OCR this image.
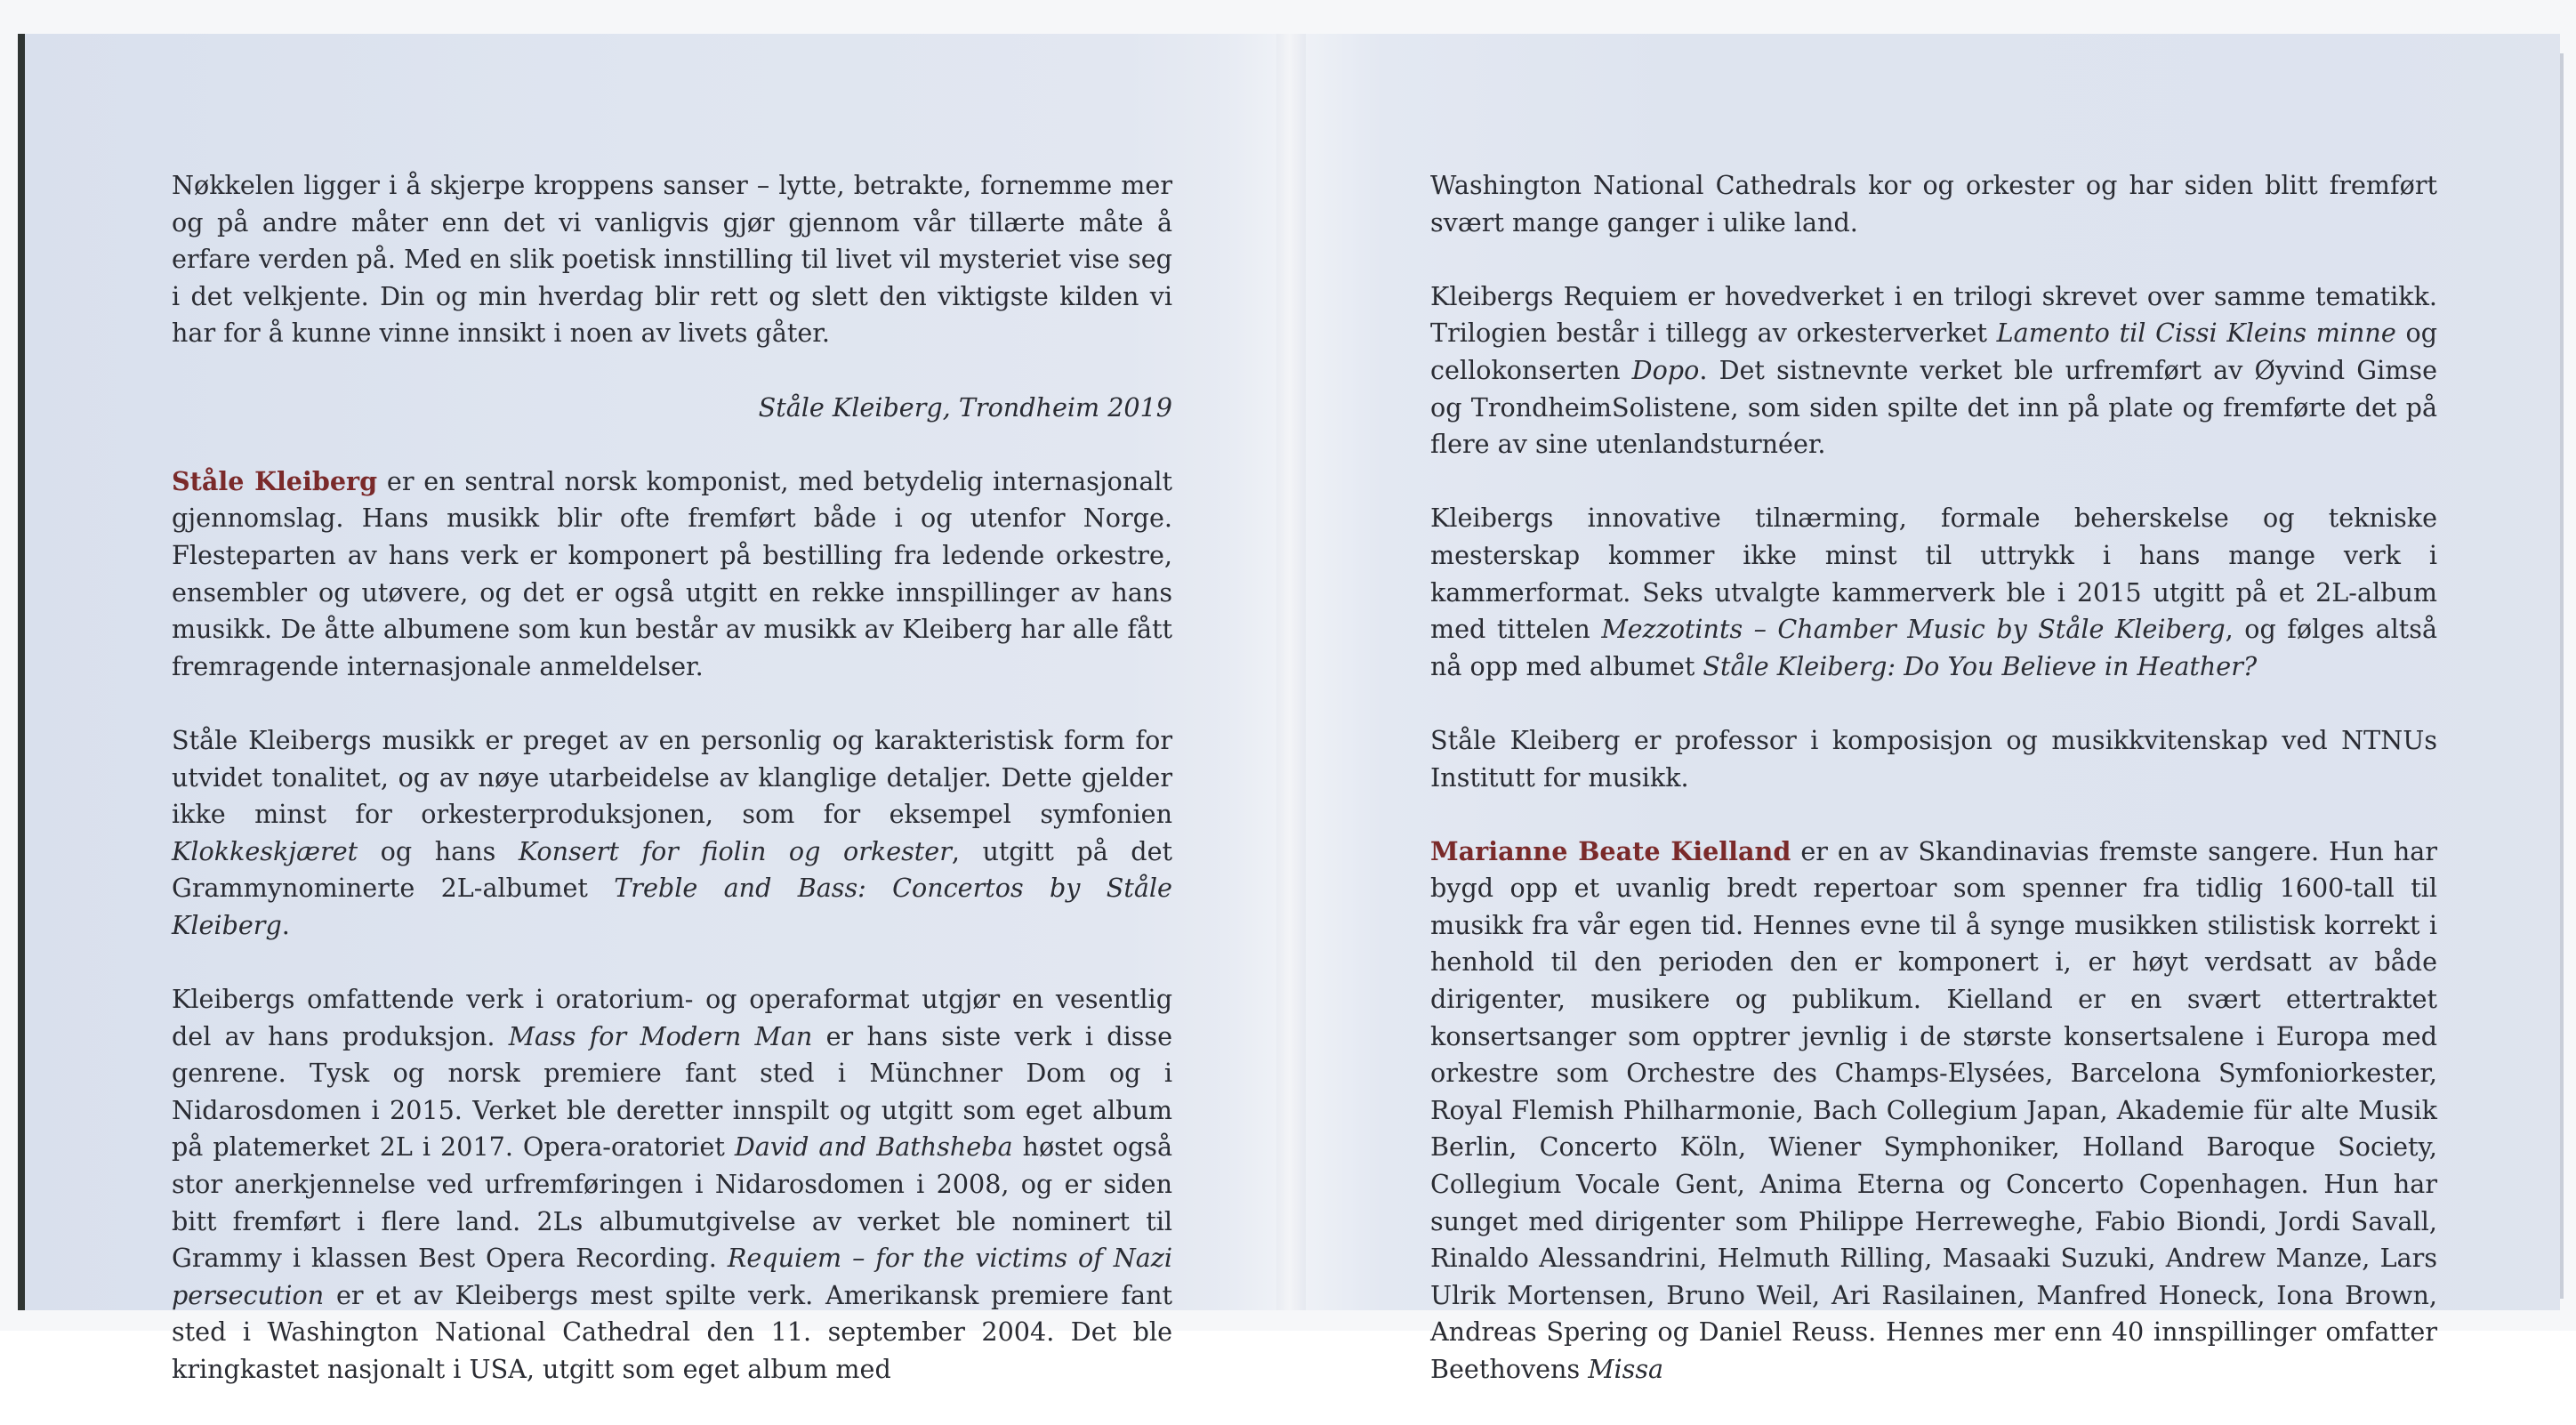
Nøkkelen ligger i å skjerpe kroppens sanser – lytte, betrakte, fornemme mer og på andre måter enn det vi vanligvis gjør gjennom vår tillærte måte å erfare verden på. Med en slik poetisk innstilling til livet vil mysteriet vise seg i det velkjente. Din og min hverdag blir rett og slett den viktigste kilden vi har for å kunne vinne innsikt i noen av livets gåter.

Ståle Kleiberg, Trondheim 2019

Ståle Kleiberg er en sentral norsk komponist, med betydelig internasjonalt gjennomslag. Hans musikk blir ofte fremført både i og utenfor Norge. Flesteparten av hans verk er komponert på bestilling fra ledende orkestre, ensembler og utøvere, og det er også utgitt en rekke innspillinger av hans musikk. De åtte albumene som kun består av musikk av Kleiberg har alle fått fremragende internasjonale anmeldelser.

Ståle Kleibergs musikk er preget av en personlig og karakteristisk form for utvidet tonalitet, og av nøye utarbeidelse av klanglige detaljer. Dette gjelder ikke minst for orkesterproduksjonen, som for eksempel symfonien Klokkeskjæret og hans Konsert for fiolin og orkester, utgitt på det Grammynominerte 2L-albumet Treble and Bass: Concertos by Ståle Kleiberg.

Kleibergs omfattende verk i oratorium- og operaformat utgjør en vesentlig del av hans produksjon. Mass for Modern Man er hans siste verk i disse genrene. Tysk og norsk premiere fant sted i Münchner Dom og i Nidarosdomen i 2015. Verket ble deretter innspilt og utgitt som eget album på platemerket 2L i 2017. Opera-oratoriet David and Bathsheba høstet også stor anerkjennelse ved urfremføringen i Nidarosdomen i 2008, og er siden bitt fremført i flere land. 2Ls albumutgivelse av verket ble nominert til Grammy i klassen Best Opera Recording. Requiem – for the victims of Nazi persecution er et av Kleibergs mest spilte verk. Amerikansk premiere fant sted i Washington National Cathedral den 11. september 2004. Det ble kringkastet nasjonalt i USA, utgitt som eget album med

Washington National Cathedrals kor og orkester og har siden blitt fremført svært mange ganger i ulike land.

Kleibergs Requiem er hovedverket i en trilogi skrevet over samme tematikk. Trilogien består i tillegg av orkesterverket Lamento til Cissi Kleins minne og cellokonserten Dopo. Det sistnevnte verket ble urfremført av Øyvind Gimse og TrondheimSolistene, som siden spilte det inn på plate og fremførte det på flere av sine utenlandsturnéer.

Kleibergs innovative tilnærming, formale beherskelse og tekniske mesterskap kommer ikke minst til uttrykk i hans mange verk i kammerformat. Seks utvalgte kammerverk ble i 2015 utgitt på et 2L-album med tittelen Mezzotints – Chamber Music by Ståle Kleiberg, og følges altså nå opp med albumet Ståle Kleiberg: Do You Believe in Heather?

Ståle Kleiberg er professor i komposisjon og musikkvitenskap ved NTNUs Institutt for musikk.

Marianne Beate Kielland er en av Skandinavias fremste sangere. Hun har bygd opp et uvanlig bredt repertoar som spenner fra tidlig 1600-tall til musikk fra vår egen tid. Hennes evne til å synge musikken stilistisk korrekt i henhold til den perioden den er komponert i, er høyt verdsatt av både dirigenter, musikere og publikum. Kielland er en svært ettertraktet konsertsanger som opptrer jevnlig i de største konsertsalene i Europa med orkestre som Orchestre des Champs-Elysées, Barcelona Symfoniorkester, Royal Flemish Philharmonie, Bach Collegium Japan, Akademie für alte Musik Berlin, Concerto Köln, Wiener Symphoniker, Holland Baroque Society, Collegium Vocale Gent, Anima Eterna og Concerto Copenhagen. Hun har sunget med dirigenter som Philippe Herreweghe, Fabio Biondi, Jordi Savall, Rinaldo Alessandrini, Helmuth Rilling, Masaaki Suzuki, Andrew Manze, Lars Ulrik Mortensen, Bruno Weil, Ari Rasilainen, Manfred Honeck, Iona Brown, Andreas Spering og Daniel Reuss. Hennes mer enn 40 innspillinger omfatter Beethovens Missa
